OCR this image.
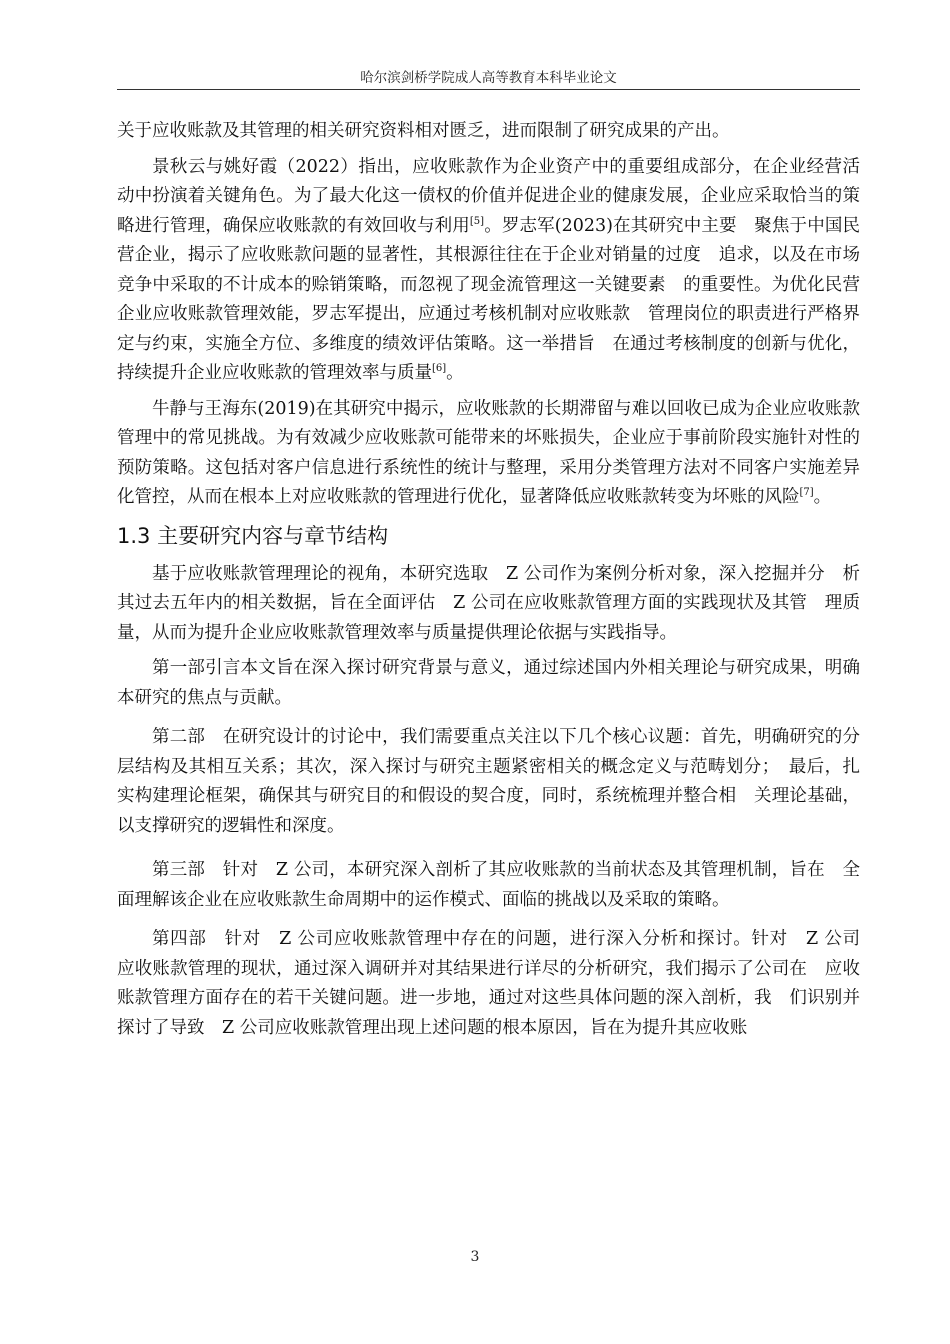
哈尔滨剑桥学院成人高等教育本科毕业论文

关于应收账款及其管理的相关研究资料相对匮乏，进而限制了研究成果的产出。

景秋云与姚好霞（2022）指出，应收账款作为企业资产中的重要组成部分，在企业经营活动中扮演着关键角色。为了最大化这一债权的价值并促进企业的健康发展，企业应采取恰当的策略进行管理，确保应收账款的有效回收与利用[5]。罗志军(2023)在其研究中主要　聚焦于中国民营企业，揭示了应收账款问题的显著性，其根源往往在于企业对销量的过度　追求，以及在市场竞争中采取的不计成本的赊销策略，而忽视了现金流管理这一关键要素　的重要性。为优化民营企业应收账款管理效能，罗志军提出，应通过考核机制对应收账款　管理岗位的职责进行严格界定与约束，实施全方位、多维度的绩效评估策略。这一举措旨　在通过考核制度的创新与优化，持续提升企业应收账款的管理效率与质量[6]。

牛静与王海东(2019)在其研究中揭示，应收账款的长期滞留与难以回收已成为企业应收账款管理中的常见挑战。为有效减少应收账款可能带来的坏账损失，企业应于事前阶段实施针对性的预防策略。这包括对客户信息进行系统性的统计与整理，采用分类管理方法对不同客户实施差异化管控，从而在根本上对应收账款的管理进行优化，显著降低应收账款转变为坏账的风险[7]。

1.3 主要研究内容与章节结构

基于应收账款管理理论的视角，本研究选取　Z 公司作为案例分析对象，深入挖掘并分　析其过去五年内的相关数据，旨在全面评估　Z 公司在应收账款管理方面的实践现状及其管　理质量，从而为提升企业应收账款管理效率与质量提供理论依据与实践指导。

第一部引言本文旨在深入探讨研究背景与意义，通过综述国内外相关理论与研究成果，明确本研究的焦点与贡献。

第二部　在研究设计的讨论中，我们需要重点关注以下几个核心议题：首先，明确研究的分层结构及其相互关系；其次，深入探讨与研究主题紧密相关的概念定义与范畴划分；　最后，扎实构建理论框架，确保其与研究目的和假设的契合度，同时，系统梳理并整合相　关理论基础，以支撑研究的逻辑性和深度。

第三部　针对　Z 公司，本研究深入剖析了其应收账款的当前状态及其管理机制，旨在　全面理解该企业在应收账款生命周期中的运作模式、面临的挑战以及采取的策略。

第四部　针对　Z 公司应收账款管理中存在的问题，进行深入分析和探讨。针对　Z 公司　应收账款管理的现状，通过深入调研并对其结果进行详尽的分析研究，我们揭示了公司在　应收账款管理方面存在的若干关键问题。进一步地，通过对这些具体问题的深入剖析，我　们识别并探讨了导致　Z 公司应收账款管理出现上述问题的根本原因，旨在为提升其应收账

3
